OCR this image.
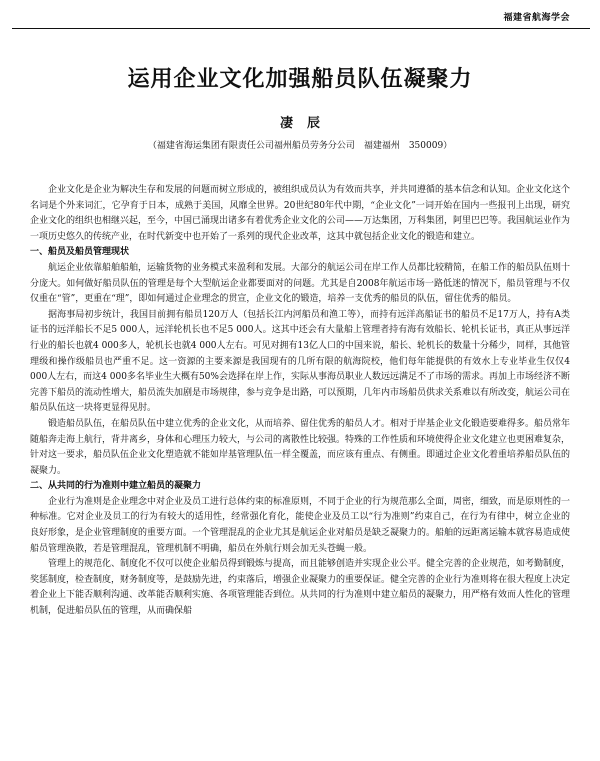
福建省航海学会
运用企业文化加强船员队伍凝聚力
凄辰
（福建省海运集团有限责任公司福州船员劳务分公司　福建福州　350009）

企业文化是企业为解决生存和发展的问题而树立形成的，被组织成员认为有效而共享，并共同遵循的基本信念和认知。企业文化这个名词是个外来词汇，它孕育于日本，成熟于美国，风靡全世界。20世纪80年代中期，“企业文化”一词开始在国内一些报刊上出现，研究企业文化的组织也相继兴起，至今，中国已涌现出诸多有着优秀企业文化的公司——万达集团，万科集团，阿里巴巴等。我国航运业作为一项历史悠久的传统产业，在时代新变中也开始了一系列的现代企业改革，这其中就包括企业文化的锻造和建立。

一、船员及船员管理现状

航运企业依靠船舶船舶，运输货物的业务模式来盈利和发展。大部分的航运公司在岸工作人员都比较精简，在船工作的船员队伍则十分庞大。如何做好船员队伍的管理是每个大型航运企业都要面对的问题。尤其是自2008年航运市场一路低迷的情况下，船员管理与不仅仅重在“管”，更重在“理”，即如何通过企业理念的贯宣，企业文化的锻造，培养一支优秀的船员的队伍，留住优秀的船员。

据海事局初步统计，我国目前拥有船员120万人（包括长江内河船员和渔工等），而持有远洋高船证书的船员不足17万人，持有A类证书的远洋船长不足5 000人，远洋轮机长也不足5 000人。这其中还会有大量船上管理者持有海有效船长、轮机长证书，真正从事远洋行业的船长也就4 000多人，轮机长也就4 000人左右。可见对拥有13亿人口的中国来说，船长、轮机长的数量十分稀少，同样，其他管理级和操作级船员也严重不足。这一资源的主要来源是我国现有的几所有限的航海院校，他们每年能提供的有效水上专业毕业生仅仅4 000人左右，而这4 000多名毕业生大概有50%会选择在岸上作，实际从事海员职业人数远远满足不了市场的需求。再加上市场经济不断完善下船员的流动性增大，船员流失加剧是市场规律，参与竞争是出路，可以预期，几年内市场船员供求关系难以有所改变，航运公司在船员队伍这一块将更显得见肘。

锻造船员队伍，在船员队伍中建立优秀的企业文化，从而培养、留住优秀的船员人才。相对于岸基企业文化锻造要难得多。船员常年随船奔走海上航行，背井离乡，身体和心理压力较大，与公司的离散性比较强。特殊的工作性质和环境使得企业文化建立也更困难复杂，针对这一要求，船员队伍企业文化塑造就不能如岸基管理队伍一样全覆盖，而应该有重点、有侧重。即通过企业文化着重培养船员队伍的凝聚力。

二、从共同的行为准则中建立船员的凝聚力

企业行为准则是企业理念中对企业及员工进行总体约束的标准原则，不同于企业的行为规范那么全面，周密，细致，而是原则性的一种标准。它对企业及员工的行为有较大的适用性，经常强化育化，能使企业及员工以“行为准则”约束自己，在行为有律中，树立企业的良好形象，是企业管理制度的重要方面。一个管理混乱的企业尤其是航运企业对船员是缺乏凝聚力的。船舶的远距离运输本就容易造成使船员管理涣散，若是管理混乱，管理机制不明确，船员在外航行则会加无头苍蝇一般。

管理上的规范化、制度化不仅可以使企业船员得到锻炼与提高，而且能够创造并实现企业公平。健全完善的企业规范，如考勤制度，奖惩制度，检查制度，财务制度等，是鼓励先进，约束落后，增强企业凝聚力的重要保证。健全完善的企业行为准则将在很大程度上决定着企业上下能否顺利沟通、改革能否顺利实施、各项管理能否到位。从共同的行为准则中建立船员的凝聚力，用严格有效而人性化的管理机制，促进船员队伍的管理，从而确保船
